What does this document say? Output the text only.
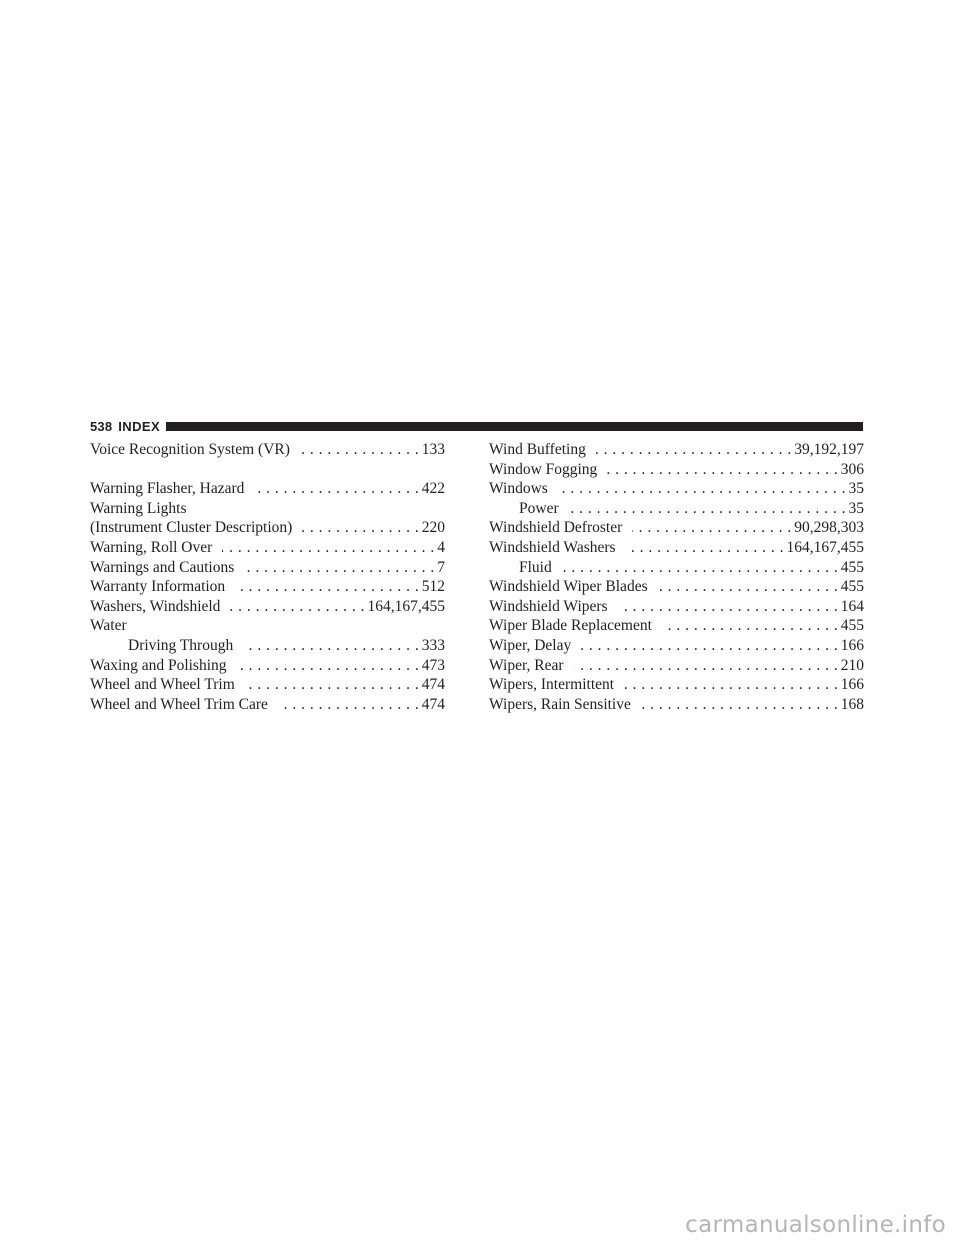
538 INDEX
Voice Recognition System (VR) . . .	133
Warning Flasher, Hazard . . .	422
Warning Lights
(Instrument Cluster Description) . . .	220
Warning, Roll Over . . .	4
Warnings and Cautions . . .	7
Warranty Information . . .	512
Washers, Windshield . . .	164,167,455
Water
Driving Through . . .	333
Waxing and Polishing . . .	473
Wheel and Wheel Trim . . .	474
Wheel and Wheel Trim Care . . .	474
Wind Buffeting . . .	39,192,197
Window Fogging . . .	306
Windows . . .	35
Power . . .	35
Windshield Defroster . . .	90,298,303
Windshield Washers . . .	164,167,455
Fluid . . .	455
Windshield Wiper Blades . . .	455
Windshield Wipers . . .	164
Wiper Blade Replacement . . .	455
Wiper, Delay . . .	166
Wiper, Rear . . .	210
Wipers, Intermittent . . .	166
Wipers, Rain Sensitive . . .	168
carmanualsonline.info
